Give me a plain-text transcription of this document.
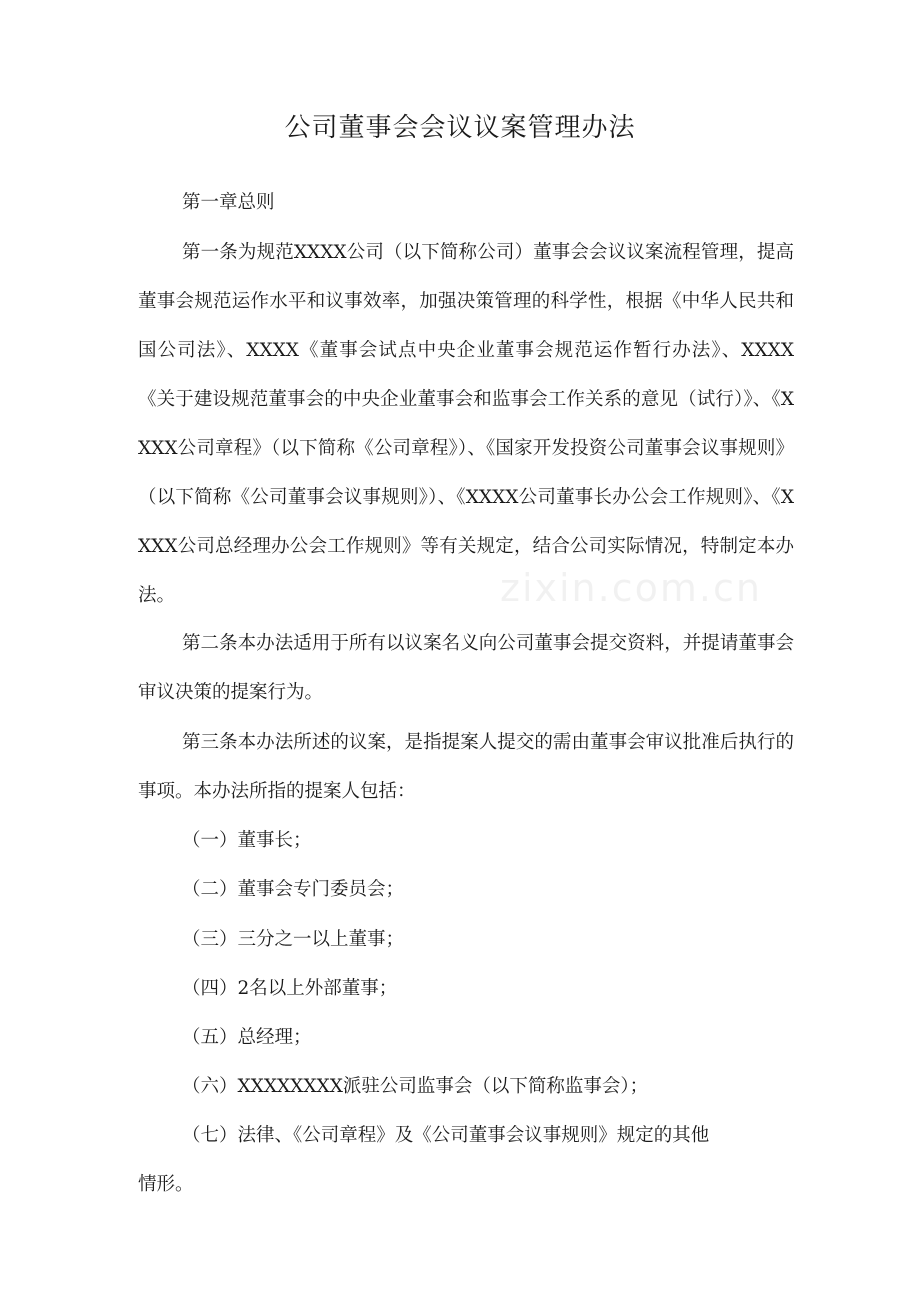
公司董事会会议议案管理办法

第一章总则

第一条为规范XXXX公司（以下简称公司）董事会会议议案流程管理，提高董事会规范运作水平和议事效率，加强决策管理的科学性，根据《中华人民共和国公司法》、XXXX《董事会试点中央企业董事会规范运作暂行办法》、XXXX《关于建设规范董事会的中央企业董事会和监事会工作关系的意见（试行）》、《XXXX公司章程》（以下简称《公司章程》）、《国家开发投资公司董事会议事规则》（以下简称《公司董事会议事规则》）、《XXXX公司董事长办公会工作规则》、《XXXX公司总经理办公会工作规则》等有关规定，结合公司实际情况，特制定本办法。

第二条本办法适用于所有以议案名义向公司董事会提交资料，并提请董事会审议决策的提案行为。

第三条本办法所述的议案，是指提案人提交的需由董事会审议批准后执行的事项。本办法所指的提案人包括：

（一）董事长；

（二）董事会专门委员会；

（三）三分之一以上董事；

（四）2名以上外部董事；

（五）总经理；

（六）XXXXXXXX派驻公司监事会（以下简称监事会）；

（七）法律、《公司章程》及《公司董事会议事规则》规定的其他

情形。

zixin.com.cn
